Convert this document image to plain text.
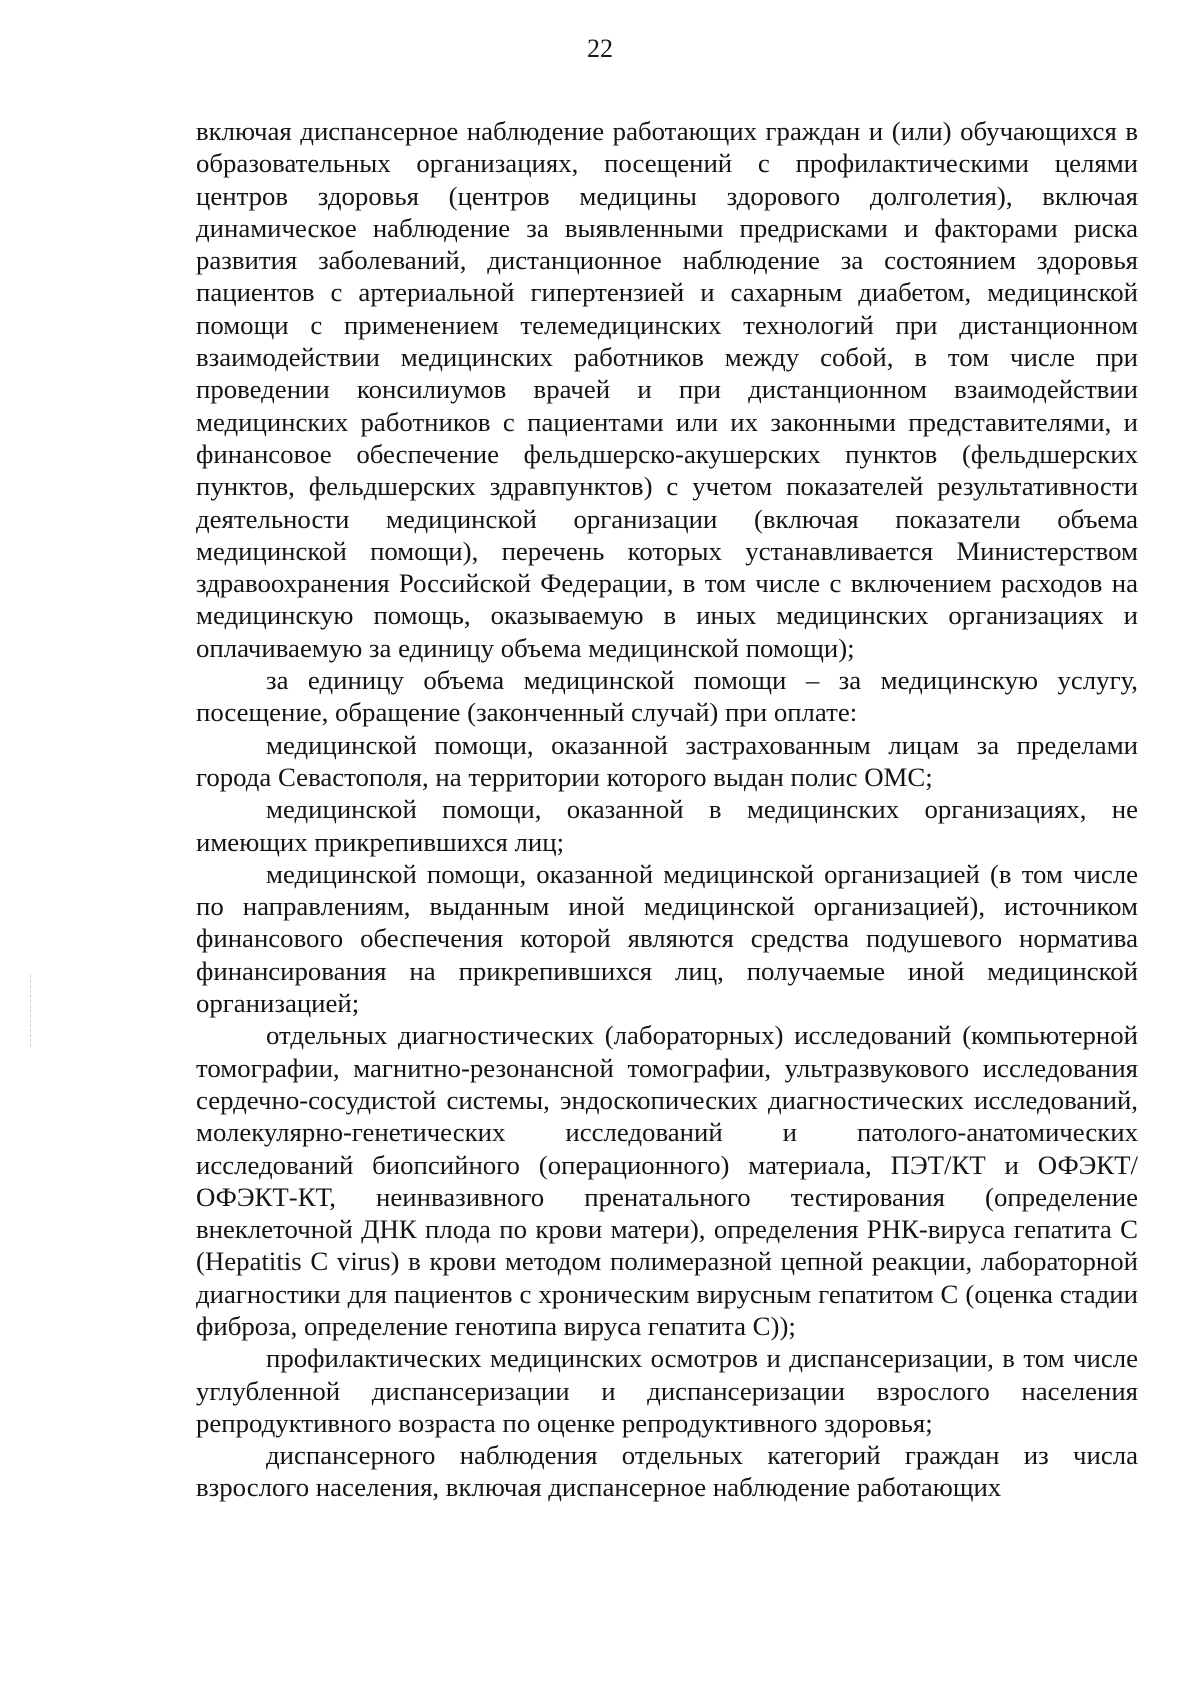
22

включая диспансерное наблюдение работающих граждан и (или) обучающихся в образовательных организациях, посещений с профилактическими целями центров здоровья (центров медицины здорового долголетия), включая динамическое наблюдение за выявленными предрисками и факторами риска развития заболеваний, дистанционное наблюдение за состоянием здоровья пациентов с артериальной гипертензией и сахарным диабетом, медицинской помощи с применением телемедицинских технологий при дистанционном взаимодействии медицинских работников между собой, в том числе при проведении консилиумов врачей и при дистанционном взаимодействии медицинских работников с пациентами или их законными представителями, и финансовое обеспечение фельдшерско-акушерских пунктов (фельдшерских пунктов, фельдшерских здравпунктов) с учетом показателей результативности деятельности медицинской организации (включая показатели объема медицинской помощи), перечень которых устанавливается Министерством здравоохранения Российской Федерации, в том числе с включением расходов на медицинскую помощь, оказываемую в иных медицинских организациях и оплачиваемую за единицу объема медицинской помощи);

за единицу объема медицинской помощи – за медицинскую услугу, посещение, обращение (законченный случай) при оплате:

медицинской помощи, оказанной застрахованным лицам за пределами города Севастополя, на территории которого выдан полис ОМС;

медицинской помощи, оказанной в медицинских организациях, не имеющих прикрепившихся лиц;

медицинской помощи, оказанной медицинской организацией (в том числе по направлениям, выданным иной медицинской организацией), источником финансового обеспечения которой являются средства подушевого норматива финансирования на прикрепившихся лиц, получаемые иной медицинской организацией;

отдельных диагностических (лабораторных) исследований (компьютерной томографии, магнитно-резонансной томографии, ультразвукового исследования сердечно-сосудистой системы, эндоскопических диагностических исследований, молекулярно-генетических исследований и патолого-анатомических исследований биопсийного (операционного) материала, ПЭТ/КТ и ОФЭКТ/ОФЭКТ-КТ, неинвазивного пренатального тестирования (определение внеклеточной ДНК плода по крови матери), определения РНК-вируса гепатита С (Hepatitis C virus) в крови методом полимеразной цепной реакции, лабораторной диагностики для пациентов с хроническим вирусным гепатитом С (оценка стадии фиброза, определение генотипа вируса гепатита С));

профилактических медицинских осмотров и диспансеризации, в том числе углубленной диспансеризации и диспансеризации взрослого населения репродуктивного возраста по оценке репродуктивного здоровья;

диспансерного наблюдения отдельных категорий граждан из числа взрослого населения, включая диспансерное наблюдение работающих
